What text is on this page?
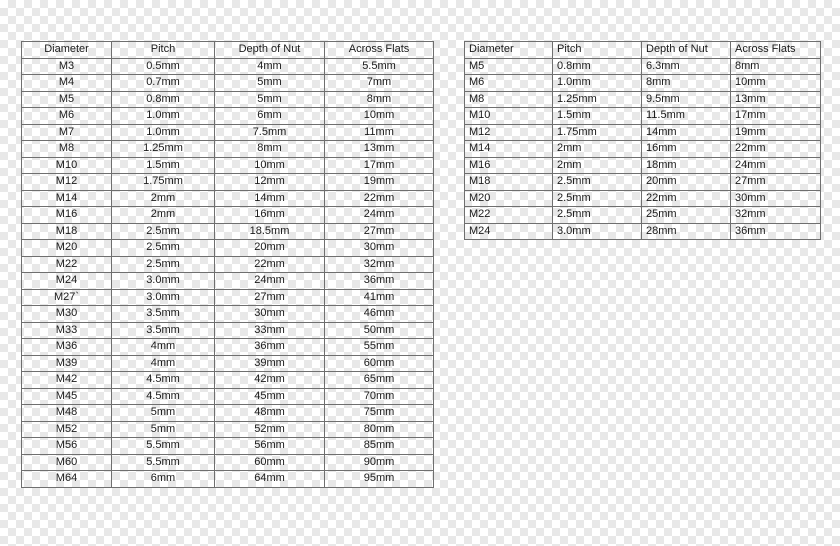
Diameter	Pitch	Depth of Nut	Across Flats
M3	0.5mm	4mm	5.5mm
M4	0.7mm	5mm	7mm
M5	0.8mm	5mm	8mm
M6	1.0mm	6mm	10mm
M7	1.0mm	7.5mm	11mm
M8	1.25mm	8mm	13mm
M10	1.5mm	10mm	17mm
M12	1.75mm	12mm	19mm
M14	2mm	14mm	22mm
M16	2mm	16mm	24mm
M18	2.5mm	18.5mm	27mm
M20	2.5mm	20mm	30mm
M22	2.5mm	22mm	32mm
M24	3.0mm	24mm	36mm
M27`	3.0mm	27mm	41mm
M30	3.5mm	30mm	46mm
M33	3.5mm	33mm	50mm
M36	4mm	36mm	55mm
M39	4mm	39mm	60mm
M42	4.5mm	42mm	65mm
M45	4.5mm	45mm	70mm
M48	5mm	48mm	75mm
M52	5mm	52mm	80mm
M56	5.5mm	56mm	85mm
M60	5.5mm	60mm	90mm
M64	6mm	64mm	95mm
Diameter	Pitch	Depth of Nut	Across Flats
M5	0.8mm	6.3mm	8mm
M6	1.0mm	8mm	10mm
M8	1.25mm	9.5mm	13mm
M10	1.5mm	11.5mm	17mm
M12	1.75mm	14mm	19mm
M14	2mm	16mm	22mm
M16	2mm	18mm	24mm
M18	2.5mm	20mm	27mm
M20	2.5mm	22mm	30mm
M22	2.5mm	25mm	32mm
M24	3.0mm	28mm	36mm
